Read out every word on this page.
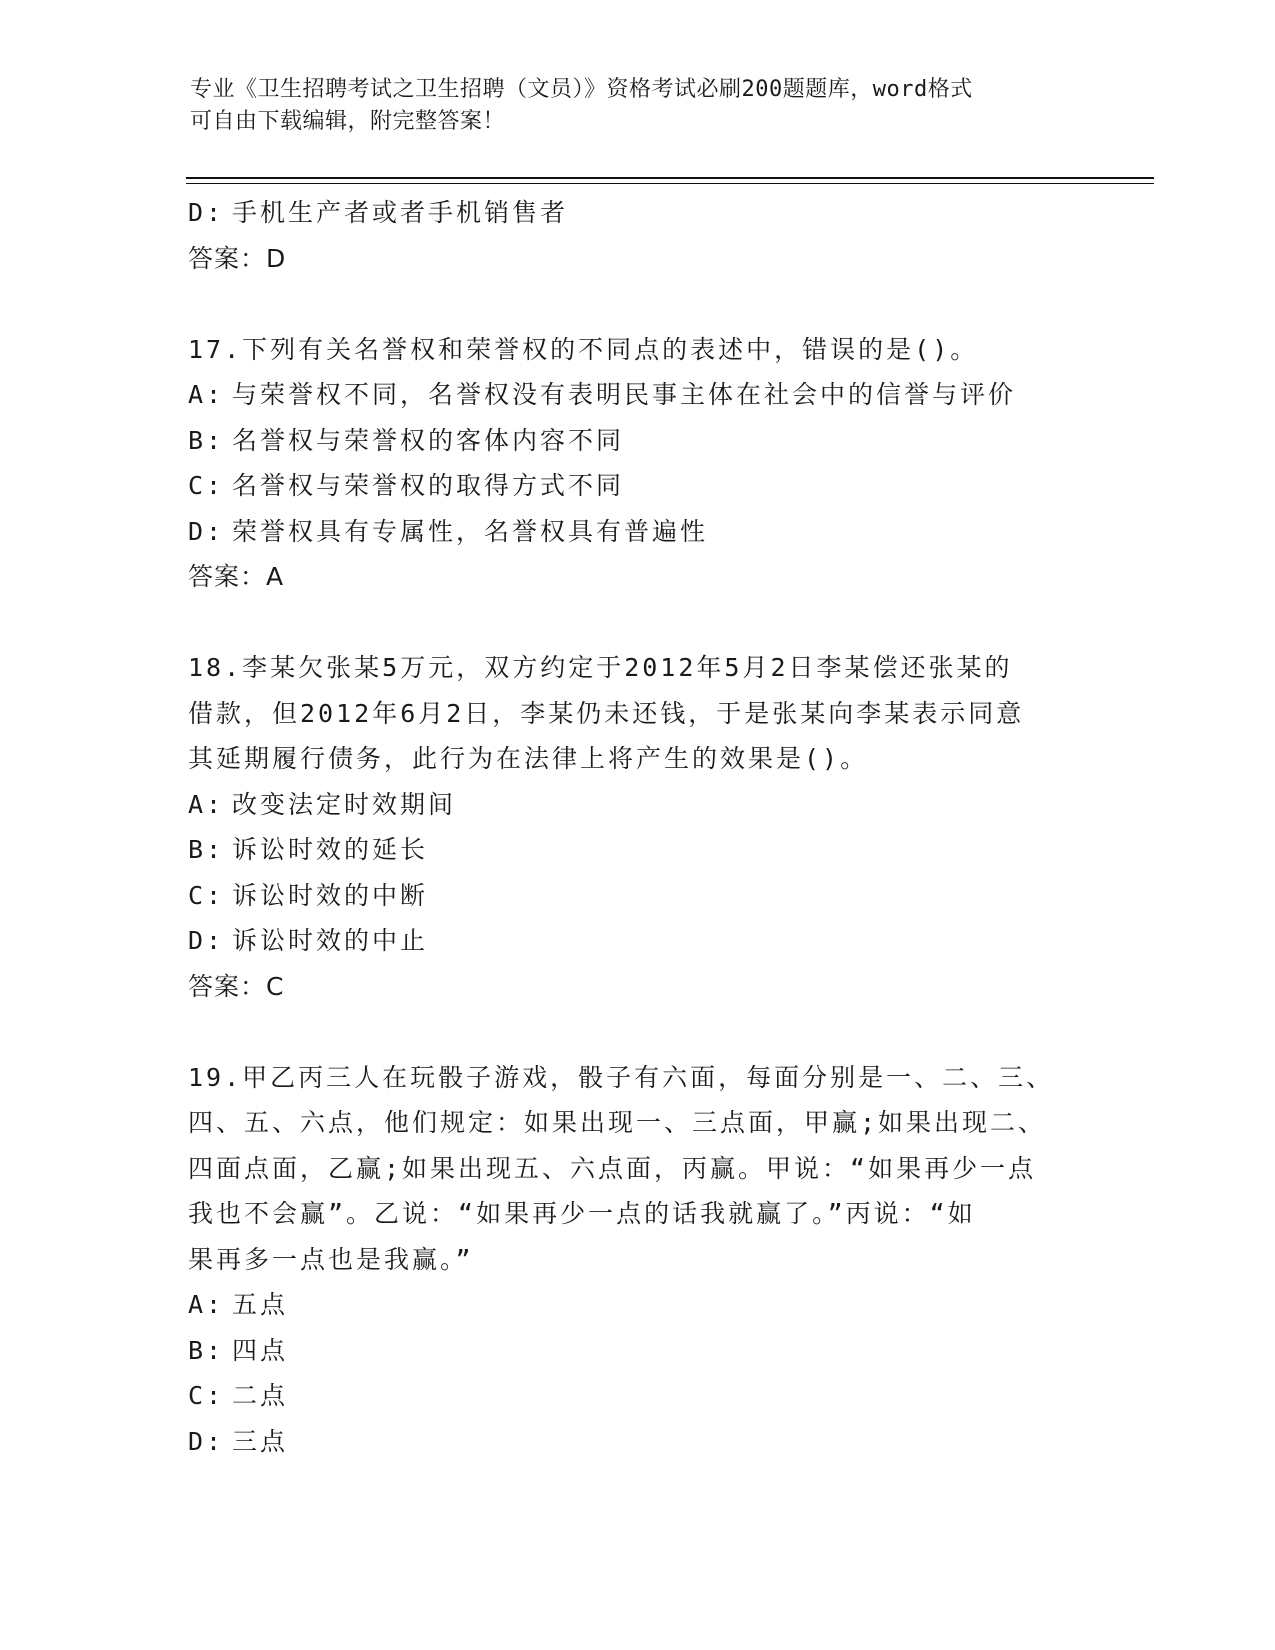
专业《卫生招聘考试之卫生招聘（文员）》资格考试必刷200题题库，word格式
可自由下载编辑，附完整答案！
D: 手机生产者或者手机销售者
答案：D
17.下列有关名誉权和荣誉权的不同点的表述中，错误的是()。
A: 与荣誉权不同，名誉权没有表明民事主体在社会中的信誉与评价
B: 名誉权与荣誉权的客体内容不同
C: 名誉权与荣誉权的取得方式不同
D: 荣誉权具有专属性，名誉权具有普遍性
答案：A
18.李某欠张某5万元，双方约定于2012年5月2日李某偿还张某的
借款，但2012年6月2日，李某仍未还钱，于是张某向李某表示同意
其延期履行债务，此行为在法律上将产生的效果是()。
A: 改变法定时效期间
B: 诉讼时效的延长
C: 诉讼时效的中断
D: 诉讼时效的中止
答案：C
19.甲乙丙三人在玩骰子游戏，骰子有六面，每面分别是一、二、三、
四、五、六点，他们规定：如果出现一、三点面，甲赢;如果出现二、
四面点面，乙赢;如果出现五、六点面，丙赢。甲说：“如果再少一点
我也不会赢”。乙说：“如果再少一点的话我就赢了。”丙说：“如
果再多一点也是我赢。”
A: 五点
B: 四点
C: 二点
D: 三点
